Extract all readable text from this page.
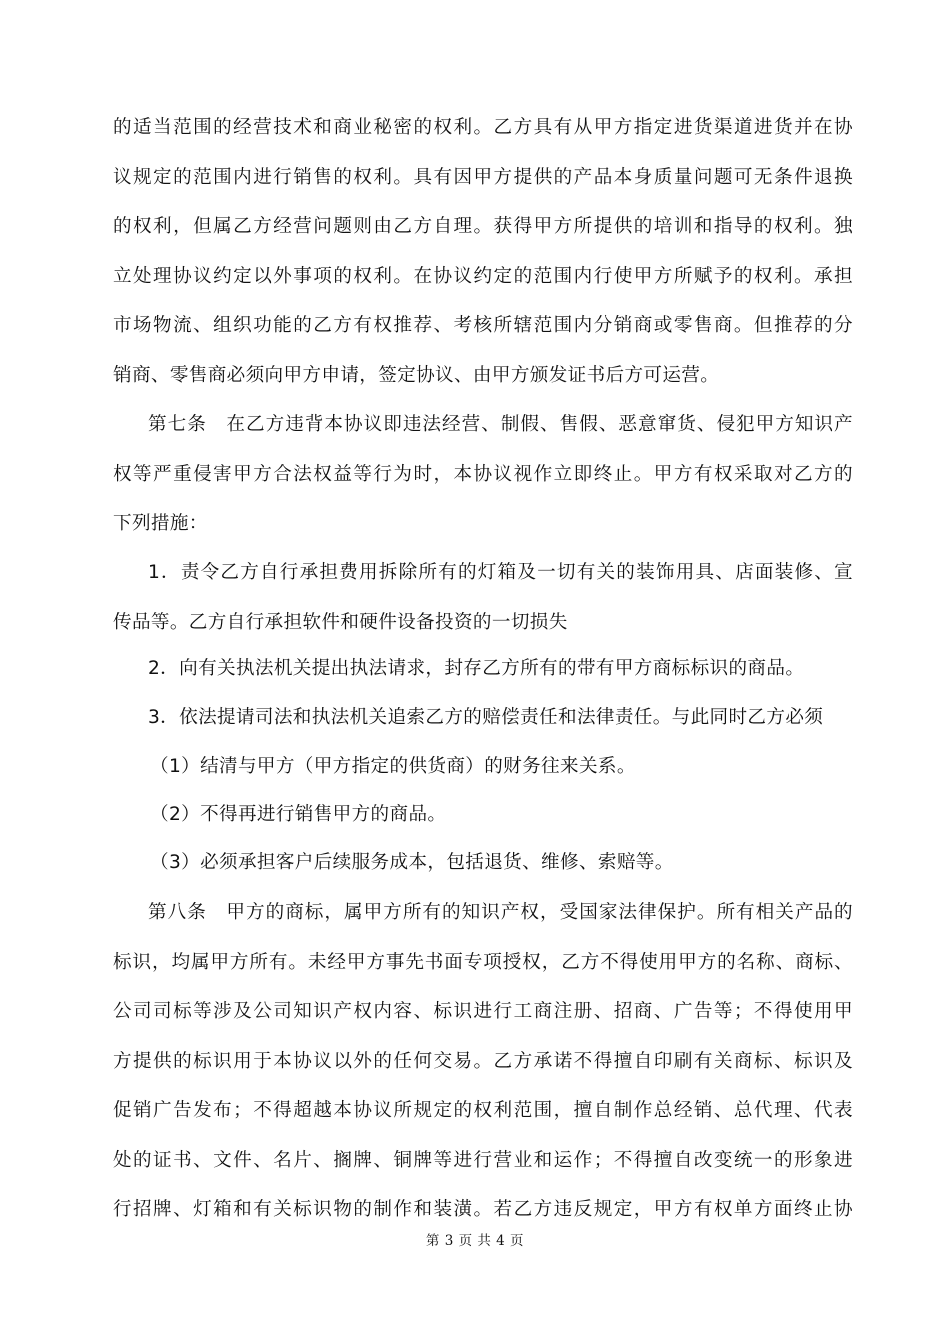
的适当范围的经营技术和商业秘密的权利。乙方具有从甲方指定进货渠道进货并在协
议规定的范围内进行销售的权利。具有因甲方提供的产品本身质量问题可无条件退换
的权利，但属乙方经营问题则由乙方自理。获得甲方所提供的培训和指导的权利。独
立处理协议约定以外事项的权利。在协议约定的范围内行使甲方所赋予的权利。承担
市场物流、组织功能的乙方有权推荐、考核所辖范围内分销商或零售商。但推荐的分
销商、零售商必须向甲方申请，签定协议、由甲方颁发证书后方可运营。
第七条　在乙方违背本协议即违法经营、制假、售假、恶意窜货、侵犯甲方知识产
权等严重侵害甲方合法权益等行为时，本协议视作立即终止。甲方有权采取对乙方的
下列措施：
1．责令乙方自行承担费用拆除所有的灯箱及一切有关的装饰用具、店面装修、宣
传品等。乙方自行承担软件和硬件设备投资的一切损失
2．向有关执法机关提出执法请求，封存乙方所有的带有甲方商标标识的商品。
3．依法提请司法和执法机关追索乙方的赔偿责任和法律责任。与此同时乙方必须
（1）结清与甲方（甲方指定的供货商）的财务往来关系。
（2）不得再进行销售甲方的商品。
（3）必须承担客户后续服务成本，包括退货、维修、索赔等。
第八条　甲方的商标，属甲方所有的知识产权，受国家法律保护。所有相关产品的
标识，均属甲方所有。未经甲方事先书面专项授权，乙方不得使用甲方的名称、商标、
公司司标等涉及公司知识产权内容、标识进行工商注册、招商、广告等；不得使用甲
方提供的标识用于本协议以外的任何交易。乙方承诺不得擅自印刷有关商标、标识及
促销广告发布；不得超越本协议所规定的权利范围，擅自制作总经销、总代理、代表
处的证书、文件、名片、搁牌、铜牌等进行营业和运作；不得擅自改变统一的形象进
行招牌、灯箱和有关标识物的制作和装潢。若乙方违反规定，甲方有权单方面终止协
第 3 页 共 4 页
